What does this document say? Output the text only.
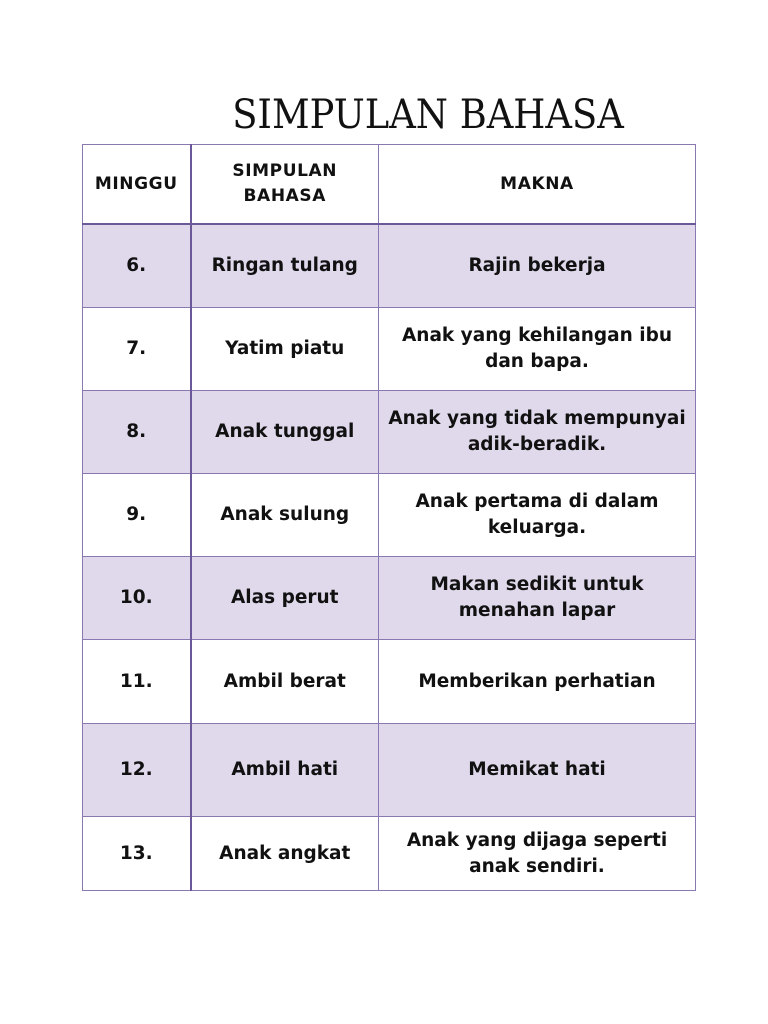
SIMPULAN BAHASA
MINGGU	SIMPULAN BAHASA	MAKNA
6.	Ringan tulang	Rajin bekerja
7.	Yatim piatu	Anak yang kehilangan ibu dan bapa.
8.	Anak tunggal	Anak yang tidak mempunyai adik-beradik.
9.	Anak sulung	Anak pertama di dalam keluarga.
10.	Alas perut	Makan sedikit untuk menahan lapar
11.	Ambil berat	Memberikan perhatian
12.	Ambil hati	Memikat hati
13.	Anak angkat	Anak yang dijaga seperti anak sendiri.
